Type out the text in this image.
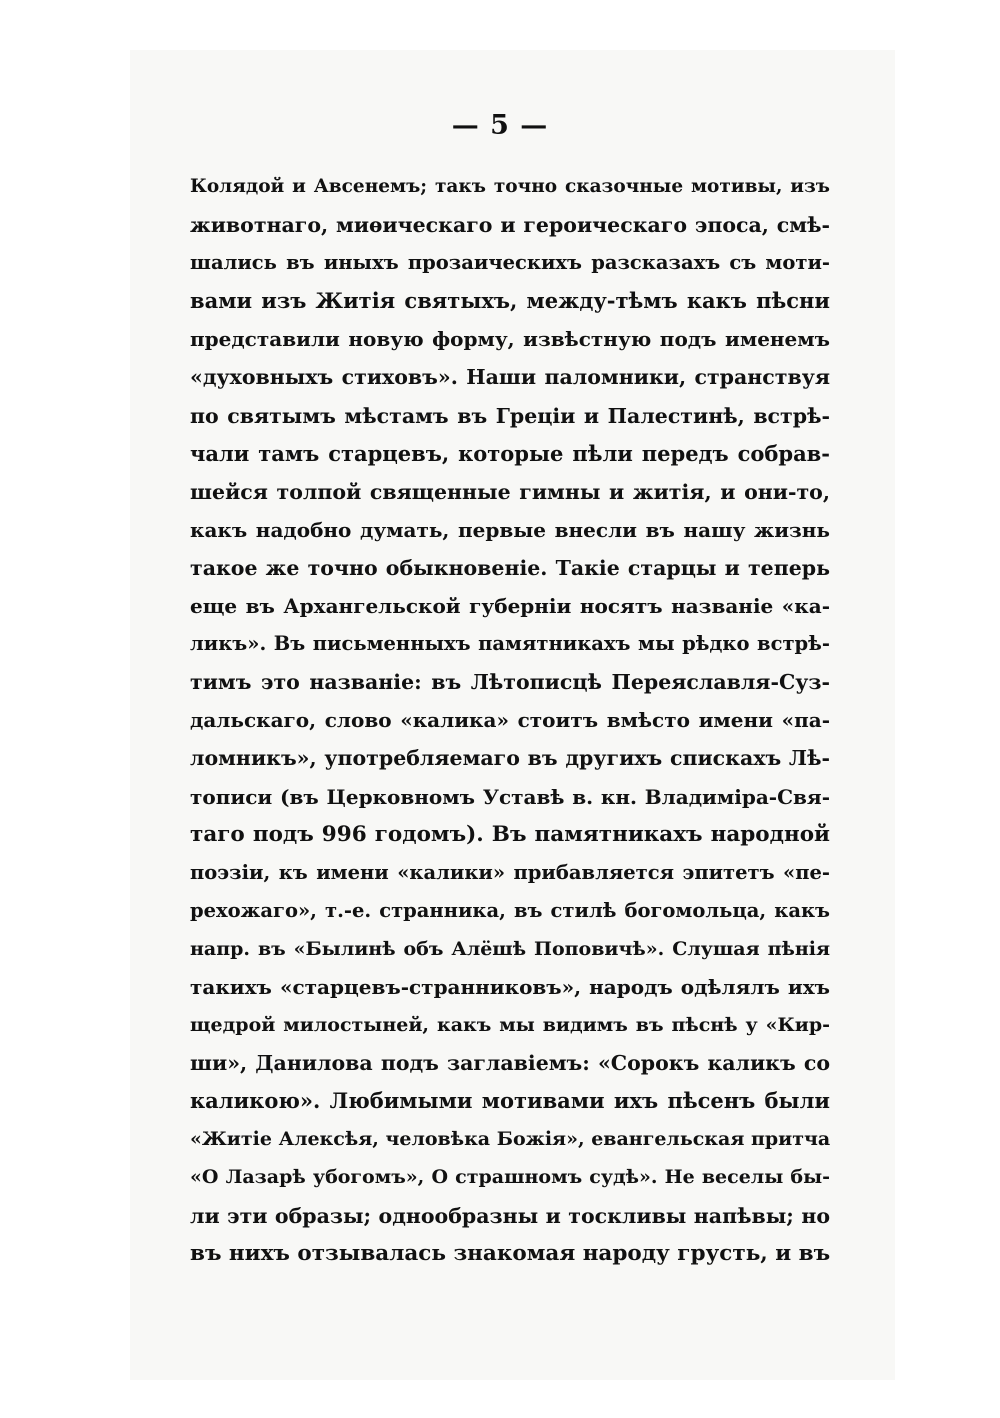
— 5 —
Колядой и Авсенемъ; такъ точно сказочные мотивы, изъ
животнаго, миѳическаго и героическаго эпоса, смѣ-
шались въ иныхъ прозаическихъ разсказахъ съ моти-
вами изъ Житія святыхъ, между-тѣмъ какъ пѣсни
представили новую форму, извѣстную подъ именемъ
«духовныхъ стиховъ». Наши паломники, странствуя
по святымъ мѣстамъ въ Греціи и Палестинѣ, встрѣ-
чали тамъ старцевъ, которые пѣли передъ собрав-
шейся толпой священные гимны и житія, и они-то,
какъ надобно думать, первые внесли въ нашу жизнь
такое же точно обыкновеніе. Такіе старцы и теперь
еще въ Архангельской губерніи носятъ названіе «ка-
ликъ». Въ письменныхъ памятникахъ мы рѣдко встрѣ-
тимъ это названіе: въ Лѣтописцѣ Переяславля-Суз-
дальскаго, слово «калика» стоитъ вмѣсто имени «па-
ломникъ», употребляемаго въ другихъ спискахъ Лѣ-
тописи (въ Церковномъ Уставѣ в. кн. Владиміра-Свя-
таго подъ 996 годомъ). Въ памятникахъ народной
поэзіи, къ имени «калики» прибавляется эпитетъ «пе-
рехожаго», т.-е. странника, въ стилѣ богомольца, какъ
напр. въ «Былинѣ объ Алёшѣ Поповичѣ». Слушая пѣнія
такихъ «старцевъ-странниковъ», народъ одѣлялъ ихъ
щедрой милостыней, какъ мы видимъ въ пѣснѣ у «Кир-
ши», Данилова подъ заглавіемъ: «Сорокъ каликъ со
каликою». Любимыми мотивами ихъ пѣсенъ были
«Житіе Алексѣя, человѣка Божія», евангельская притча
«О Лазарѣ убогомъ», О страшномъ судѣ». Не веселы бы-
ли эти образы; однообразны и тоскливы напѣвы; но
въ нихъ отзывалась знакомая народу грусть, и въ
